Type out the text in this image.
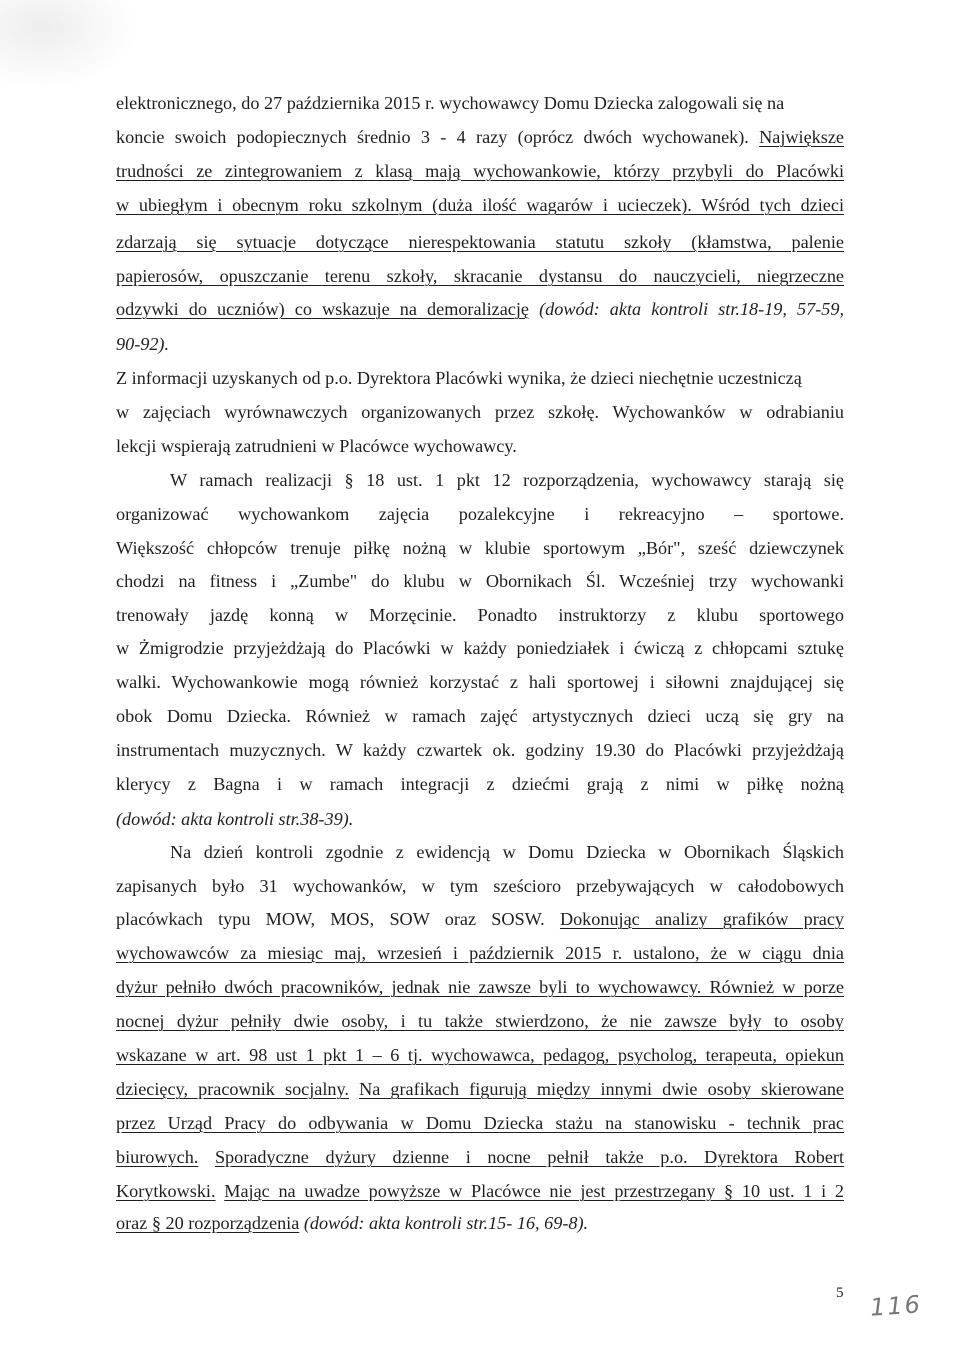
elektronicznego, do 27 października 2015 r. wychowawcy Domu Dziecka zalogowali się na

koncie swoich podopiecznych średnio 3 - 4 razy (oprócz dwóch wychowanek). Największe

trudności ze zintegrowaniem z klasą mają wychowankowie, którzy przybyli do Placówki

w ubiegłym i obecnym roku szkolnym (duża ilość wagarów i ucieczek). Wśród tych dzieci

zdarzają się sytuacje dotyczące nierespektowania statutu szkoły (kłamstwa, palenie

papierosów, opuszczanie terenu szkoły, skracanie dystansu do nauczycieli, niegrzeczne

odzywki do uczniów) co wskazuje na demoralizację (dowód: akta kontroli str.18-19, 57-59,

90-92).

Z informacji uzyskanych od p.o. Dyrektora Placówki wynika, że dzieci niechętnie uczestniczą

w zajęciach wyrównawczych organizowanych przez szkołę. Wychowanków w odrabianiu

lekcji wspierają zatrudnieni w Placówce wychowawcy.

W ramach realizacji § 18 ust. 1 pkt 12 rozporządzenia, wychowawcy starają się

organizować wychowankom zajęcia pozalekcyjne i rekreacyjno – sportowe.

Większość chłopców trenuje piłkę nożną w klubie sportowym „Bór", sześć dziewczynek

chodzi na fitness i „Zumbe" do klubu w Obornikach Śl. Wcześniej trzy wychowanki

trenowały jazdę konną w Morzęcinie. Ponadto instruktorzy z klubu sportowego

w Żmigrodzie przyjeżdżają do Placówki w każdy poniedziałek i ćwiczą z chłopcami sztukę

walki. Wychowankowie mogą również korzystać z hali sportowej i siłowni znajdującej się

obok Domu Dziecka. Również w ramach zajęć artystycznych dzieci uczą się gry na

instrumentach muzycznych. W każdy czwartek ok. godziny 19.30 do Placówki przyjeżdżają

klerycy z Bagna i w ramach integracji z dziećmi grają z nimi w piłkę nożną

(dowód: akta kontroli str.38-39).

Na dzień kontroli zgodnie z ewidencją w Domu Dziecka w Obornikach Śląskich

zapisanych było 31 wychowanków, w tym sześcioro przebywających w całodobowych

placówkach typu MOW, MOS, SOW oraz SOSW. Dokonując analizy grafików pracy

wychowawców za miesiąc maj, wrzesień i październik 2015 r. ustalono, że w ciągu dnia

dyżur pełniło dwóch pracowników, jednak nie zawsze byli to wychowawcy. Również w porze

nocnej dyżur pełniły dwie osoby, i tu także stwierdzono, że nie zawsze były to osoby

wskazane w art. 98 ust 1 pkt 1 – 6 tj. wychowawca, pedagog, psycholog, terapeuta, opiekun

dziecięcy, pracownik socjalny. Na grafikach figurują między innymi dwie osoby skierowane

przez Urząd Pracy do odbywania w Domu Dziecka stażu na stanowisku - technik prac

biurowych. Sporadyczne dyżury dzienne i nocne pełnił także p.o. Dyrektora Robert

Korytkowski. Mając na uwadze powyższe w Placówce nie jest przestrzegany § 10 ust. 1 i 2

oraz § 20 rozporządzenia (dowód: akta kontroli str.15- 16, 69-8).

5 116
